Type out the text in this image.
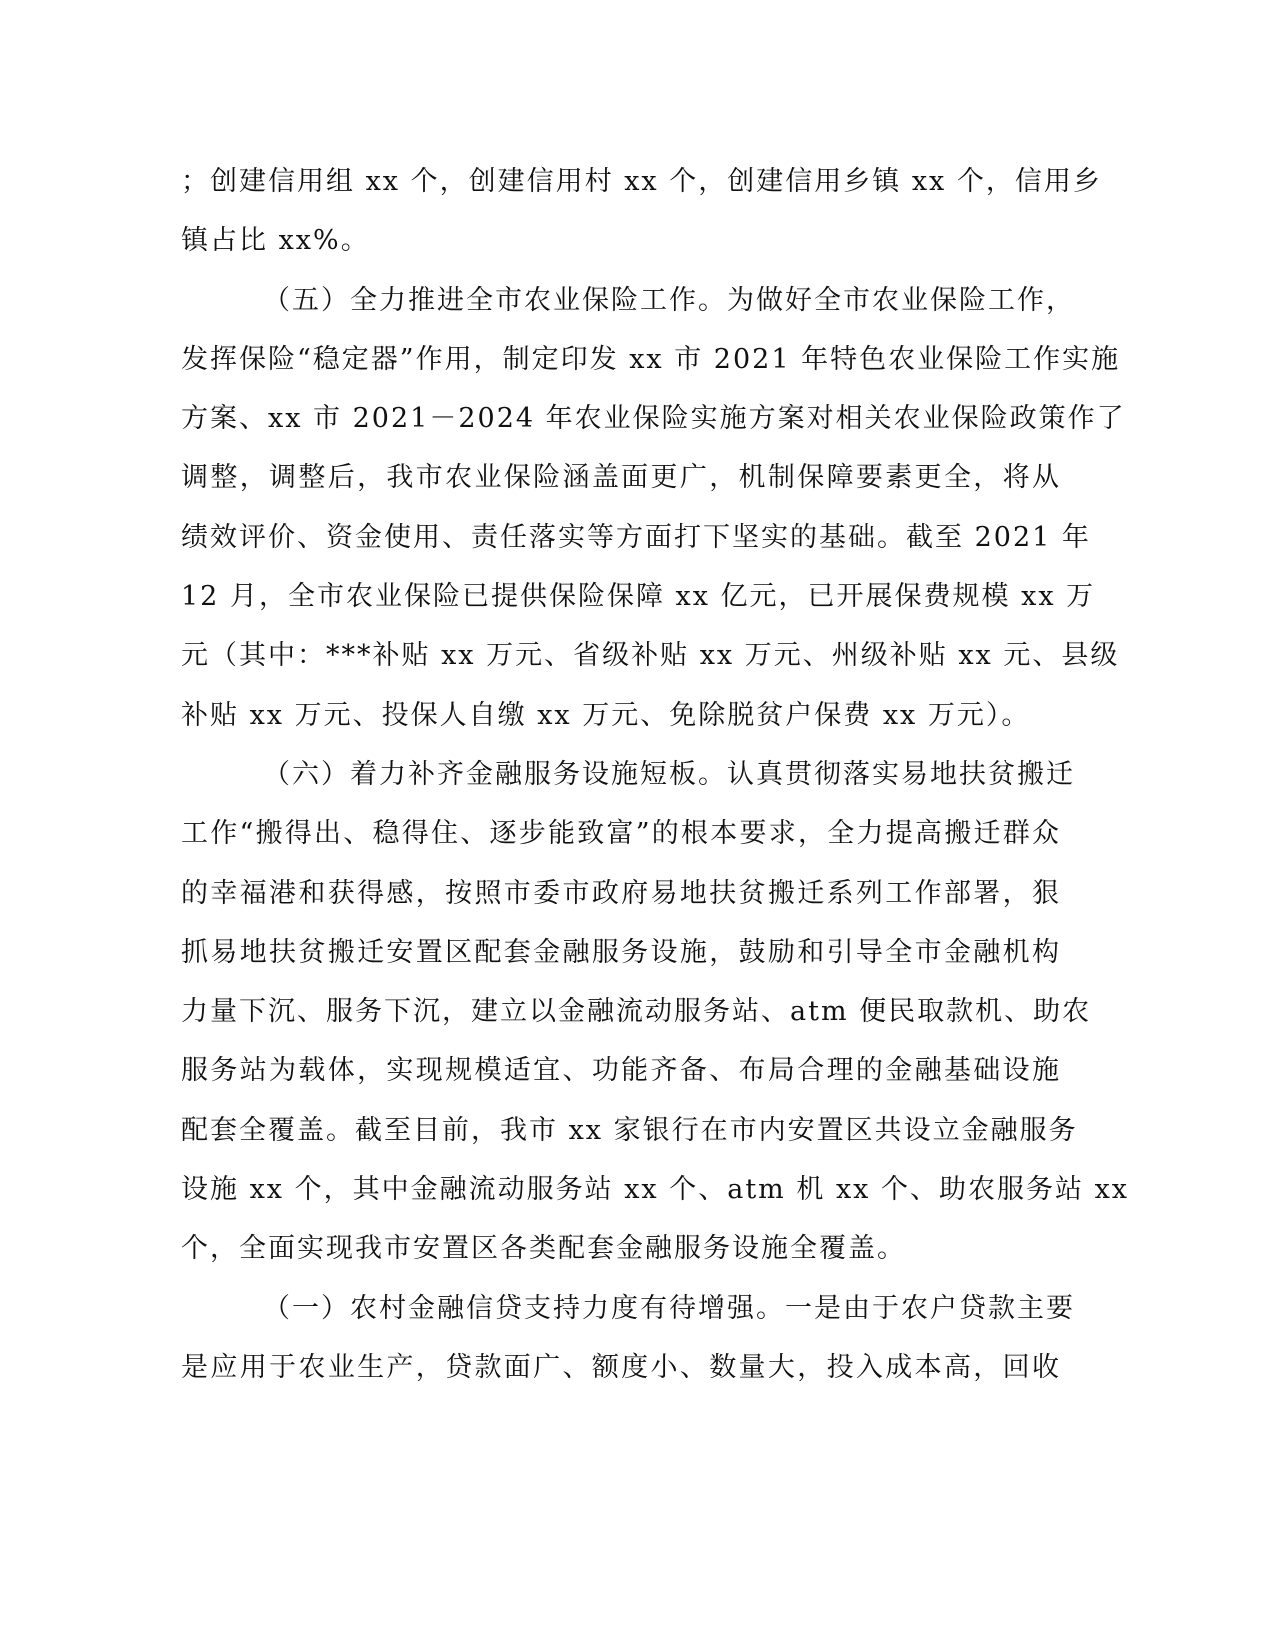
；创建信用组 xx 个，创建信用村 xx 个，创建信用乡镇 xx 个，信用乡
镇占比 xx%。
（五）全力推进全市农业保险工作。为做好全市农业保险工作，
发挥保险“稳定器”作用，制定印发 xx 市 2021 年特色农业保险工作实施
方案、xx 市 2021－2024 年农业保险实施方案对相关农业保险政策作了
调整，调整后，我市农业保险涵盖面更广，机制保障要素更全，将从
绩效评价、资金使用、责任落实等方面打下坚实的基础。截至 2021 年
12 月，全市农业保险已提供保险保障 xx 亿元，已开展保费规模 xx 万
元（其中：***补贴 xx 万元、省级补贴 xx 万元、州级补贴 xx 元、县级
补贴 xx 万元、投保人自缴 xx 万元、免除脱贫户保费 xx 万元）。
（六）着力补齐金融服务设施短板。认真贯彻落实易地扶贫搬迁
工作“搬得出、稳得住、逐步能致富”的根本要求，全力提高搬迁群众
的幸福港和获得感，按照市委市政府易地扶贫搬迁系列工作部署，狠
抓易地扶贫搬迁安置区配套金融服务设施，鼓励和引导全市金融机构
力量下沉、服务下沉，建立以金融流动服务站、atm 便民取款机、助农
服务站为载体，实现规模适宜、功能齐备、布局合理的金融基础设施
配套全覆盖。截至目前，我市 xx 家银行在市内安置区共设立金融服务
设施 xx 个，其中金融流动服务站 xx 个、atm 机 xx 个、助农服务站 xx
个，全面实现我市安置区各类配套金融服务设施全覆盖。
（一）农村金融信贷支持力度有待增强。一是由于农户贷款主要
是应用于农业生产，贷款面广、额度小、数量大，投入成本高，回收
